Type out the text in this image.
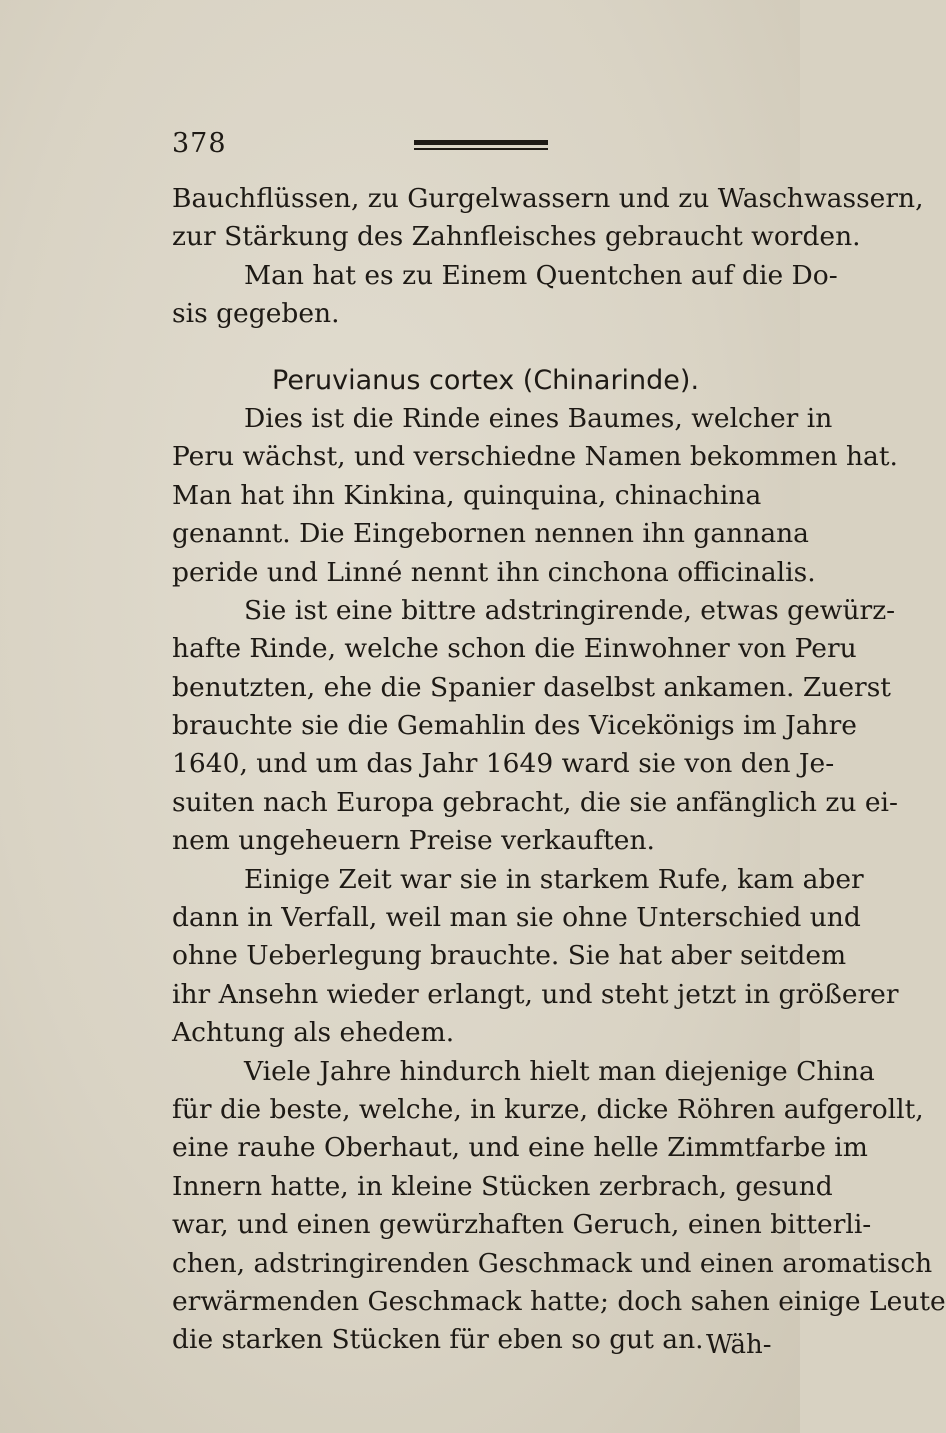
378
Bauchflüssen, zu Gurgelwassern und zu Waschwassern,
zur Stärkung des Zahnfleisches gebraucht worden.
Man hat es zu Einem Quentchen auf die Do-
sis gegeben.
Peruvianus cortex (Chinarinde).
Dies ist die Rinde eines Baumes, welcher in
Peru wächst, und verschiedne Namen bekommen hat.
Man hat ihn Kinkina, quinquina, chinachina
genannt. Die Eingebornen nennen ihn gannana
peride und Linné nennt ihn cinchona officinalis.
Sie ist eine bittre adstringirende, etwas gewürz-
hafte Rinde, welche schon die Einwohner von Peru
benutzten, ehe die Spanier daselbst ankamen. Zuerst
brauchte sie die Gemahlin des Vicekönigs im Jahre
1640, und um das Jahr 1649 ward sie von den Je-
suiten nach Europa gebracht, die sie anfänglich zu ei-
nem ungeheuern Preise verkauften.
Einige Zeit war sie in starkem Rufe, kam aber
dann in Verfall, weil man sie ohne Unterschied und
ohne Ueberlegung brauchte. Sie hat aber seitdem
ihr Ansehn wieder erlangt, und steht jetzt in größerer
Achtung als ehedem.
Viele Jahre hindurch hielt man diejenige China
für die beste, welche, in kurze, dicke Röhren aufgerollt,
eine rauhe Oberhaut, und eine helle Zimmtfarbe im
Innern hatte, in kleine Stücken zerbrach, gesund
war, und einen gewürzhaften Geruch, einen bitterli-
chen, adstringirenden Geschmack und einen aromatisch
erwärmenden Geschmack hatte; doch sahen einige Leute
die starken Stücken für eben so gut an. Wäh-
